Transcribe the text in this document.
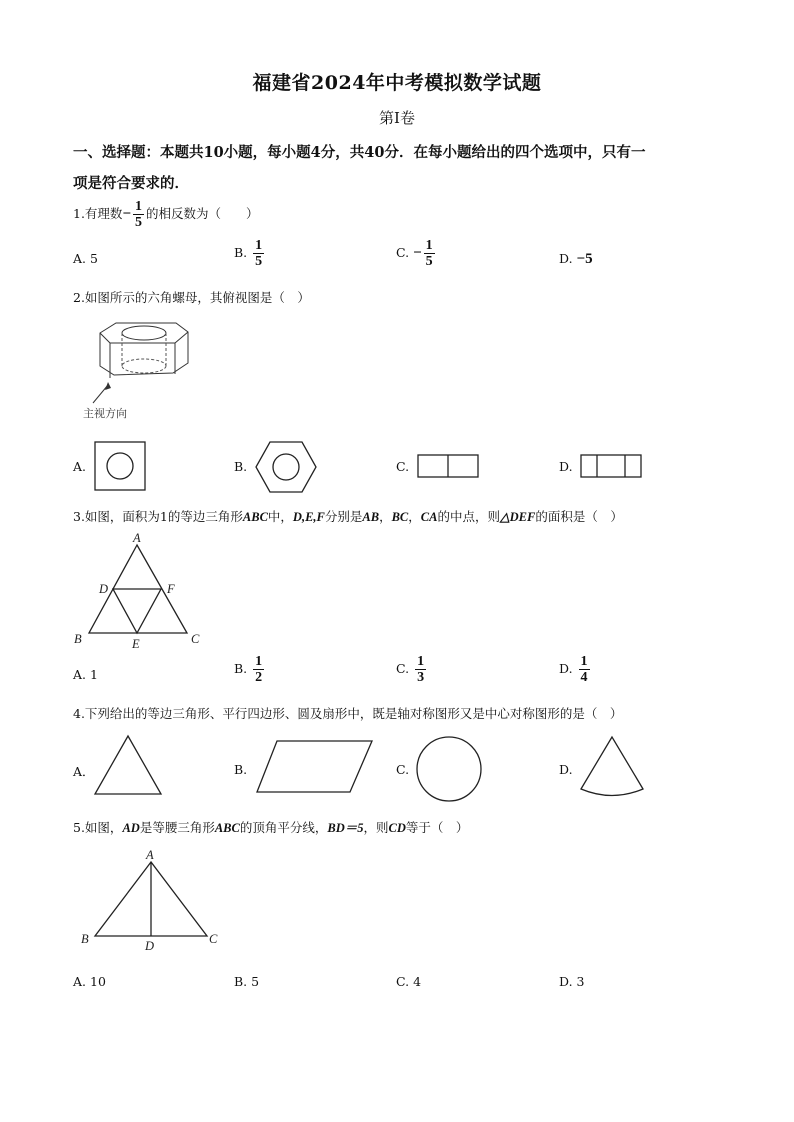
福建省2024年中考模拟数学试题
第Ⅰ卷
一、选择题：本题共10小题，每小题4分，共40分．在每小题给出的四个选项中，只有一
项是符合要求的．
1.有理数− $\frac{1}{5}$ 的相反数为（　　）
A. 5	B. $\frac{1}{5}$	C. − $\frac{1}{5}$	D. −5
2.如图所示的六角螺母，其俯视图是（　）
主视方向
A.	B.	C.	D.
3.如图，面积为1的等边三角形ABC中，D,E,F分别是AB，BC，CA的中点，则△DEF的面积是（　）
A
D	F
B	C
E
A. 1	B. $\frac{1}{2}$	C. $\frac{1}{3}$	D. $\frac{1}{4}$
4.下列给出的等边三角形、平行四边形、圆及扇形中，既是轴对称图形又是中心对称图形的是（　）
A．	B.	C.	D.
5.如图，AD是等腰三角形ABC的顶角平分线，BD＝5，则CD等于（　）
A
B	C
D
A. 10	B. 5	C. 4	D. 3
